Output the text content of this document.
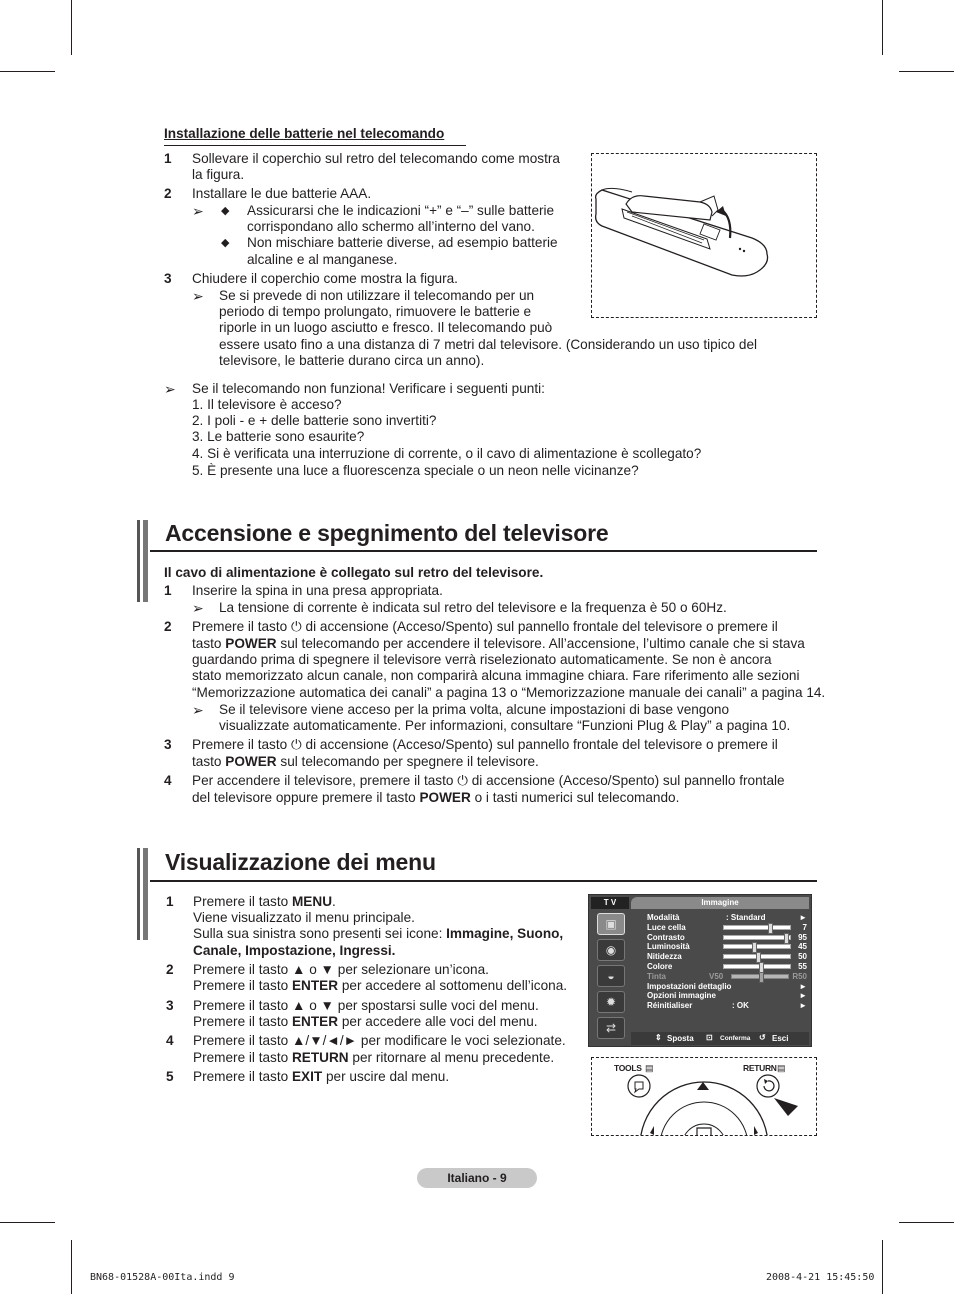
Installazione delle batterie nel telecomando
1 Sollevare il coperchio sul retro del telecomando come mostra
la figura.
2 Installare le due batterie AAA.
➢ ◆ Assicurarsi che le indicazioni “+” e “–” sulle batterie
corrispondano allo schermo all’interno del vano.
◆ Non mischiare batterie diverse, ad esempio batterie
alcaline e al manganese.
3 Chiudere il coperchio come mostra la figura.
➢ Se si prevede di non utilizzare il telecomando per un
periodo di tempo prolungato, rimuovere le batterie e
riporle in un luogo asciutto e fresco. Il telecomando può
essere usato fino a una distanza di 7 metri dal televisore. (Considerando un uso tipico del
televisore, le batterie durano circa un anno).
➢ Se il telecomando non funziona! Verificare i seguenti punti:
1. Il televisore è acceso?
2. I poli - e + delle batterie sono invertiti?
3. Le batterie sono esaurite?
4. Si è verificata una interruzione di corrente, o il cavo di alimentazione è scollegato?
5. È presente una luce a fluorescenza speciale o un neon nelle vicinanze?
Accensione e spegnimento del televisore
Il cavo di alimentazione è collegato sul retro del televisore.
1 Inserire la spina in una presa appropriata.
➢ La tensione di corrente è indicata sul retro del televisore e la frequenza è 50 o 60Hz.
2 Premere il tasto ⏻ di accensione (Acceso/Spento) sul pannello frontale del televisore o premere il
tasto POWER sul telecomando per accendere il televisore. All’accensione, l’ultimo canale che si stava
guardando prima di spegnere il televisore verrà riselezionato automaticamente. Se non è ancora
stato memorizzato alcun canale, non comparirà alcuna immagine chiara. Fare riferimento alle sezioni
“Memorizzazione automatica dei canali” a pagina 13 o “Memorizzazione manuale dei canali” a pagina 14.
➢ Se il televisore viene acceso per la prima volta, alcune impostazioni di base vengono
visualizzate automaticamente. Per informazioni, consultare “Funzioni Plug & Play” a pagina 10.
3 Premere il tasto ⏻ di accensione (Acceso/Spento) sul pannello frontale del televisore o premere il
tasto POWER sul telecomando per spegnere il televisore.
4 Per accendere il televisore, premere il tasto ⏻ di accensione (Acceso/Spento) sul pannello frontale
del televisore oppure premere il tasto POWER o i tasti numerici sul telecomando.
Visualizzazione dei menu
1 Premere il tasto MENU.
Viene visualizzato il menu principale.
Sulla sua sinistra sono presenti sei icone: Immagine, Suono,
Canale, Impostazione, Ingressi.
2 Premere il tasto ▲ o ▼ per selezionare un’icona.
Premere il tasto ENTER per accedere al sottomenu dell’icona.
3 Premere il tasto ▲ o ▼ per spostarsi sulle voci del menu.
Premere il tasto ENTER per accedere alle voci del menu.
4 Premere il tasto ▲/▼/◄/► per modificare le voci selezionate.
Premere il tasto RETURN per ritornare al menu precedente.
5 Premere il tasto EXIT per uscire dal menu.
T V	Immagine
▣
◉
◒
✹
⇄
Modalità	: Standard	►
Luce cella	7
Contrasto	95
Luminosità	45
Nitidezza	50
Colore	55
Tinta	V50	R50
Impostazioni dettaglio	►
Opzioni immagine	►
Réinitialiser	: OK	►
⇕ Sposta ⊡ Conferma ↺ Esci
TOOLS ▤	RETURN ▤
Italiano - 9
BN68-01528A-00Ita.indd 9	2008-4-21 15:45:50
